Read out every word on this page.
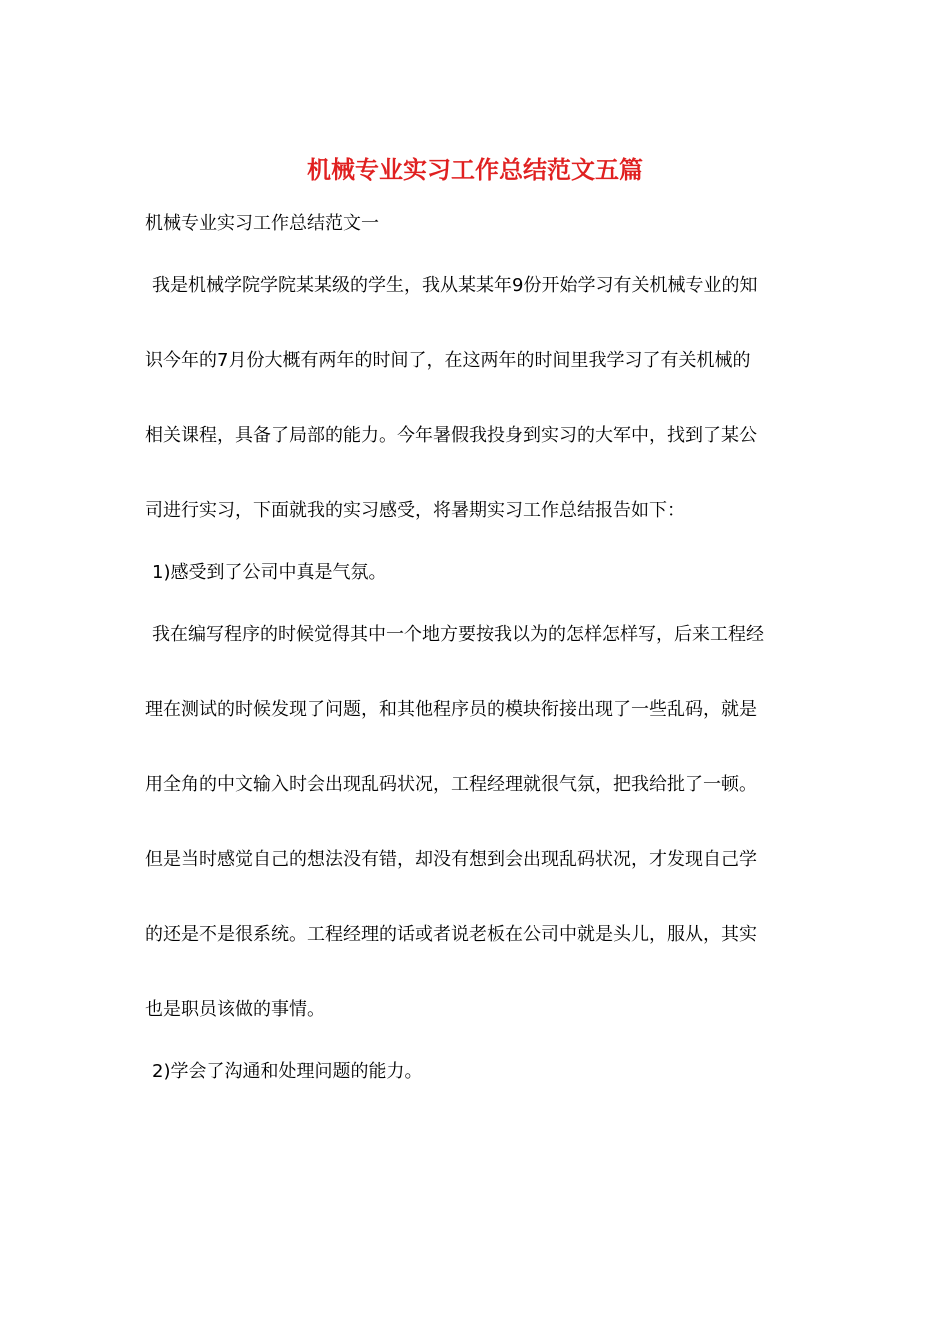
机械专业实习工作总结范文五篇
机械专业实习工作总结范文一
我是机械学院学院某某级的学生，我从某某年9份开始学习有关机械专业的知
识今年的7月份大概有两年的时间了，在这两年的时间里我学习了有关机械的
相关课程，具备了局部的能力。今年暑假我投身到实习的大军中，找到了某公
司进行实习，下面就我的实习感受，将暑期实习工作总结报告如下：
1)感受到了公司中真是气氛。
我在编写程序的时候觉得其中一个地方要按我以为的怎样怎样写，后来工程经
理在测试的时候发现了问题，和其他程序员的模块衔接出现了一些乱码，就是
用全角的中文输入时会出现乱码状况，工程经理就很气氛，把我给批了一顿。
但是当时感觉自己的想法没有错，却没有想到会出现乱码状况，才发现自己学
的还是不是很系统。工程经理的话或者说老板在公司中就是头儿，服从，其实
也是职员该做的事情。
2)学会了沟通和处理问题的能力。
